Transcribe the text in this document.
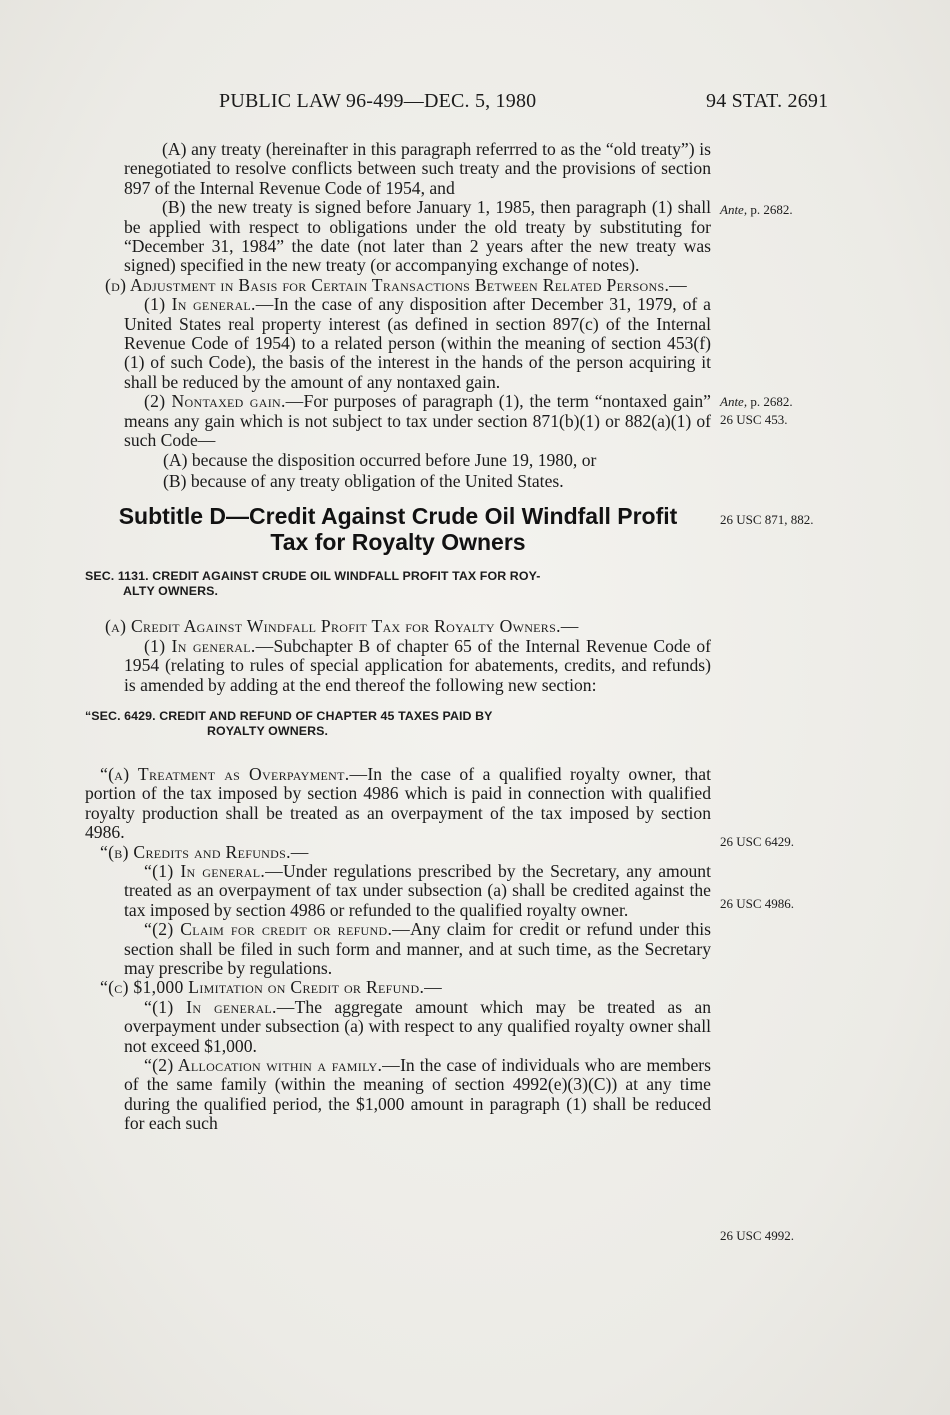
PUBLIC LAW 96-499—DEC. 5, 1980	94 STAT. 2691

(A) any treaty (hereinafter in this paragraph referrred to as the “old treaty”) is renegotiated to resolve conflicts between such treaty and the provisions of section 897 of the Internal Revenue Code of 1954, and

(B) the new treaty is signed before January 1, 1985, then paragraph (1) shall be applied with respect to obligations under the old treaty by substituting for “December 31, 1984” the date (not later than 2 years after the new treaty was signed) specified in the new treaty (or accompanying exchange of notes).

(d) Adjustment in Basis for Certain Transactions Between Related Persons.—

(1) In general.—In the case of any disposition after December 31, 1979, of a United States real property interest (as defined in section 897(c) of the Internal Revenue Code of 1954) to a related person (within the meaning of section 453(f)(1) of such Code), the basis of the interest in the hands of the person acquiring it shall be reduced by the amount of any nontaxed gain.

(2) Nontaxed gain.—For purposes of paragraph (1), the term “nontaxed gain” means any gain which is not subject to tax under section 871(b)(1) or 882(a)(1) of such Code—

(A) because the disposition occurred before June 19, 1980, or

(B) because of any treaty obligation of the United States.

Subtitle D—Credit Against Crude Oil Windfall Profit
Tax for Royalty Owners
SEC. 1131. CREDIT AGAINST CRUDE OIL WINDFALL PROFIT TAX FOR ROY-
ALTY OWNERS.

(a) Credit Against Windfall Profit Tax for Royalty Owners.—

(1) In general.—Subchapter B of chapter 65 of the Internal Revenue Code of 1954 (relating to rules of special application for abatements, credits, and refunds) is amended by adding at the end thereof the following new section:

“SEC. 6429. CREDIT AND REFUND OF CHAPTER 45 TAXES PAID BY
ROYALTY OWNERS.

“(a) Treatment as Overpayment.—In the case of a qualified royalty owner, that portion of the tax imposed by section 4986 which is paid in connection with qualified royalty production shall be treated as an overpayment of the tax imposed by section 4986.

“(b) Credits and Refunds.—

“(1) In general.—Under regulations prescribed by the Secretary, any amount treated as an overpayment of tax under subsection (a) shall be credited against the tax imposed by section 4986 or refunded to the qualified royalty owner.

“(2) Claim for credit or refund.—Any claim for credit or refund under this section shall be filed in such form and manner, and at such time, as the Secretary may prescribe by regulations.

“(c) $1,000 Limitation on Credit or Refund.—

“(1) In general.—The aggregate amount which may be treated as an overpayment under subsection (a) with respect to any qualified royalty owner shall not exceed $1,000.

“(2) Allocation within a family.—In the case of individuals who are members of the same family (within the meaning of section 4992(e)(3)(C)) at any time during the qualified period, the $1,000 amount in paragraph (1) shall be reduced for each such

Ante, p. 2682.
Ante, p. 2682.
26 USC 453.
26 USC 871, 882.
26 USC 6429.
26 USC 4986.
26 USC 4992.
